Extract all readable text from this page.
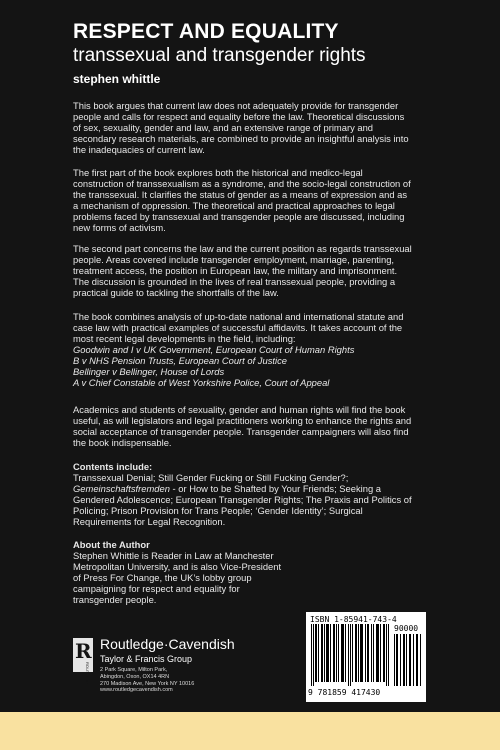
RESPECT AND EQUALITY
transsexual and transgender rights
stephen whittle
This book argues that current law does not adequately provide for transgender
people and calls for respect and equality before the law. Theoretical discussions
of sex, sexuality, gender and law, and an extensive range of primary and
secondary research materials, are combined to provide an insightful analysis into
the inadequacies of current law.
The first part of the book explores both the historical and medico-legal
construction of transsexualism as a syndrome, and the socio-legal construction of
the transsexual. It clarifies the status of gender as a means of expression and as
a mechanism of oppression. The theoretical and practical approaches to legal
problems faced by transsexual and transgender people are discussed, including
new forms of activism.
The second part concerns the law and the current position as regards transsexual
people. Areas covered include transgender employment, marriage, parenting,
treatment access, the position in European law, the military and imprisonment.
The discussion is grounded in the lives of real transsexual people, providing a
practical guide to tackling the shortfalls of the law.
The book combines analysis of up-to-date national and international statute and
case law with practical examples of successful affidavits. It takes account of the
most recent legal developments in the field, including:
Goodwin and I v UK Government, European Court of Human Rights
B v NHS Pension Trusts, European Court of Justice
Bellinger v Bellinger, House of Lords
A v Chief Constable of West Yorkshire Police, Court of Appeal
Academics and students of sexuality, gender and human rights will find the book
useful, as will legislators and legal practitioners working to enhance the rights and
social acceptance of transgender people. Transgender campaigners will also find
the book indispensable.
Contents include:
Transsexual Denial; Still Gender Fucking or Still Fucking Gender?;
Gemeinschaftsfremden - or How to be Shafted by Your Friends; Seeking a
Gendered Adolescence; European Transgender Rights; The Praxis and Politics of
Policing; Prison Provision for Trans People; ‘Gender Identity’; Surgical
Requirements for Legal Recognition.
About the Author
Stephen Whittle is Reader in Law at Manchester
Metropolitan University, and is also Vice-President
of Press For Change, the UK’s lobby group
campaigning for respect and equality for
transgender people.
R
ROUTLEDGE
Routledge·Cavendish
Taylor & Francis Group
2 Park Square, Milton Park,
Abingdon, Oxon, OX14 4RN
270 Madison Ave, New York NY 10016
www.routledgecavendish.com
ISBN 1-85941-743-4
90000
9 781859 417430
